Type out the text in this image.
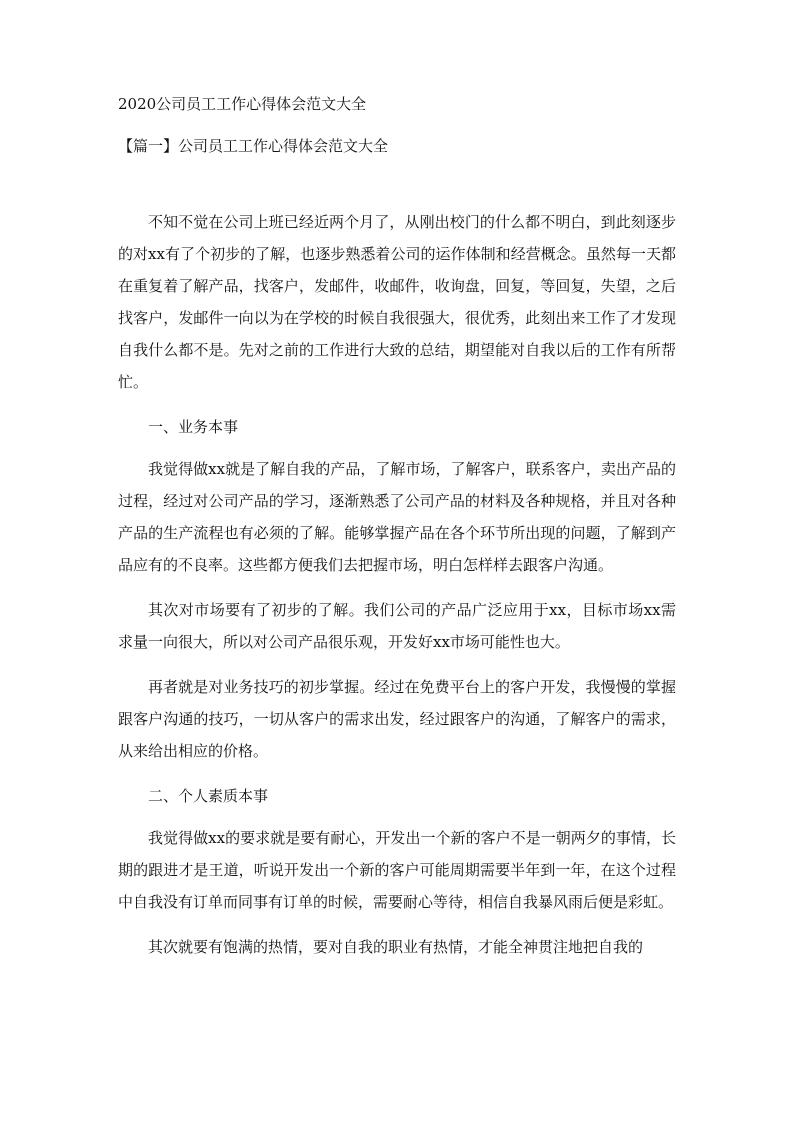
2020公司员工工作心得体会范文大全
【篇一】公司员工工作心得体会范文大全

不知不觉在公司上班已经近两个月了，从刚出校门的什么都不明白，到此刻逐步的对xx有了个初步的了解，也逐步熟悉着公司的运作体制和经营概念。虽然每一天都在重复着了解产品，找客户，发邮件，收邮件，收询盘，回复，等回复，失望，之后找客户，发邮件一向以为在学校的时候自我很强大，很优秀，此刻出来工作了才发现自我什么都不是。先对之前的工作进行大致的总结，期望能对自我以后的工作有所帮忙。

一、业务本事

我觉得做xx就是了解自我的产品，了解市场，了解客户，联系客户，卖出产品的过程，经过对公司产品的学习，逐渐熟悉了公司产品的材料及各种规格，并且对各种产品的生产流程也有必须的了解。能够掌握产品在各个环节所出现的问题，了解到产品应有的不良率。这些都方便我们去把握市场，明白怎样样去跟客户沟通。

其次对市场要有了初步的了解。我们公司的产品广泛应用于xx，目标市场xx需求量一向很大，所以对公司产品很乐观，开发好xx市场可能性也大。

再者就是对业务技巧的初步掌握。经过在免费平台上的客户开发，我慢慢的掌握跟客户沟通的技巧，一切从客户的需求出发，经过跟客户的沟通，了解客户的需求，从来给出相应的价格。

二、个人素质本事

我觉得做xx的要求就是要有耐心，开发出一个新的客户不是一朝两夕的事情，长期的跟进才是王道，听说开发出一个新的客户可能周期需要半年到一年，在这个过程中自我没有订单而同事有订单的时候，需要耐心等待，相信自我暴风雨后便是彩虹。

其次就要有饱满的热情，要对自我的职业有热情，才能全神贯注地把自我的
